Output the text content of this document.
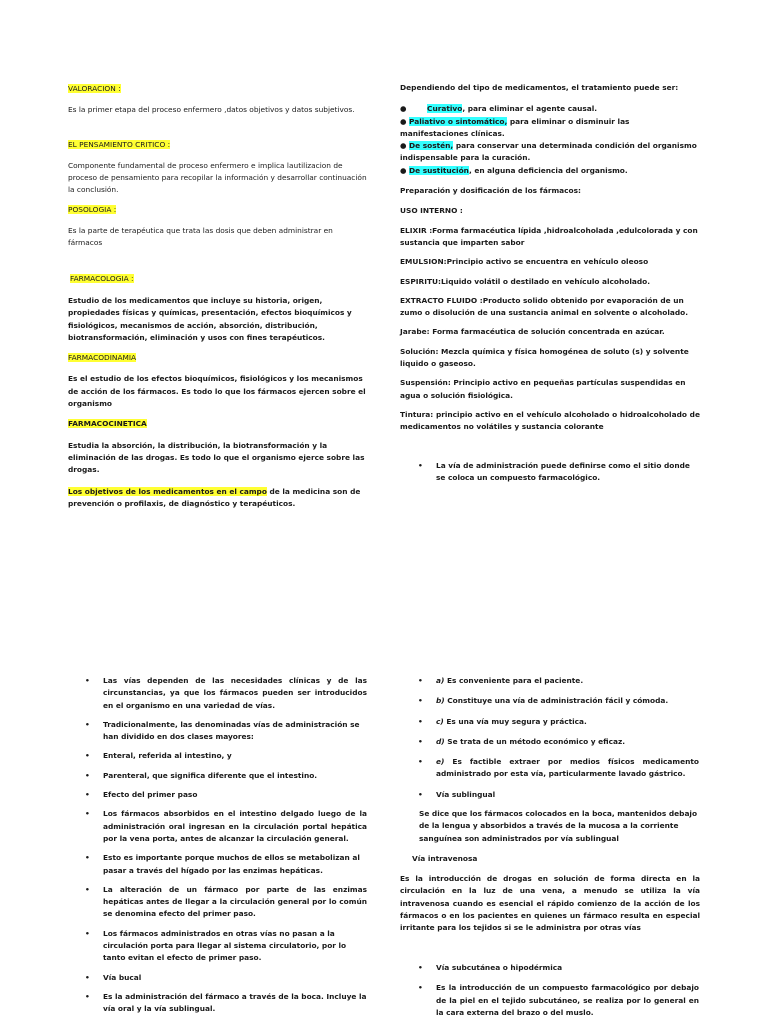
VALORACION :

Es la primer etapa del proceso enfermero ,datos objetivos y datos subjetivos.

EL PENSAMIENTO CRITICO :

Componente fundamental de proceso enfermero e implica lautilizacion de proceso de pensamiento para recopilar la información y desarrollar continuación la conclusión.

POSOLOGIA :

Es la parte de terapéutica que trata las dosis que deben administrar en fármacos

FARMACOLOGIA :

Estudio de los medicamentos que incluye su historia, origen, propiedades físicas y químicas, presentación, efectos bioquímicos y fisiológicos, mecanismos de acción, absorción, distribución, biotransformación, eliminación y usos con fines terapéuticos.

FARMACODINAMIA

Es el estudio de los efectos bioquímicos, fisiológicos y los mecanismos de acción de los fármacos. Es todo lo que los fármacos ejercen sobre el organismo

FARMACOCINETICA

Estudia la absorción, la distribución, la biotransformación y la eliminación de las drogas. Es todo lo que el organismo ejerce sobre las drogas.

Los objetivos de los medicamentos en el campo de la medicina son de prevención o profilaxis, de diagnóstico y terapéuticos.

Dependiendo del tipo de medicamentos, el tratamiento puede ser:

●        Curativo, para eliminar el agente causal.

● Paliativo o sintomático, para eliminar o disminuir las manifestaciones clínicas.

● De sostén, para conservar una determinada condición del organismo indispensable para la curación.

● De sustitución, en alguna deficiencia del organismo.

Preparación y dosificación de los fármacos:

USO INTERNO :

ELIXIR :Forma farmacéutica lípida ,hidroalcoholada ,edulcolorada y con sustancia que imparten sabor

EMULSION:Principio activo se encuentra en vehículo oleoso

ESPIRITU:Liquido volátil o destilado en vehículo alcoholado.

EXTRACTO FLUIDO :Producto solido obtenido por evaporación de un zumo o disolución de una sustancia animal en solvente o alcoholado.

Jarabe: Forma farmacéutica de solución concentrada en azúcar.

Solución: Mezcla química y física homogénea de soluto (s) y solvente liquido o gaseoso.

Suspensión: Principio activo en pequeñas partículas suspendidas en agua o solución fisiológica.

Tintura: principio activo en el vehículo alcoholado o hidroalcoholado de medicamentos no volátiles y sustancia colorante

• La vía de administración puede definirse como el sitio donde se coloca un compuesto farmacológico.
• Las vías dependen de las necesidades clínicas y de las circunstancias, ya que los fármacos pueden ser introducidos en el organismo en una variedad de vías.
• Tradicionalmente, las denominadas vías de administración se han dividido en dos clases mayores:
• Enteral, referida al intestino, y
• Parenteral, que significa diferente que el intestino.
• Efecto del primer paso
• Los fármacos absorbidos en el intestino delgado luego de la administración oral ingresan en la circulación portal hepática por la vena porta, antes de alcanzar la circulación general.
• Esto es importante porque muchos de ellos se metabolizan al pasar a través del hígado por las enzimas hepáticas.
• La alteración de un fármaco por parte de las enzimas hepáticas antes de llegar a la circulación general por lo común se denomina efecto del primer paso.
• Los fármacos administrados en otras vías no pasan a la circulación porta para llegar al sistema circulatorio, por lo tanto evitan el efecto de primer paso.
• Vía bucal
• Es la administración del fármaco a través de la boca. Incluye la vía oral y la vía sublingual.
• a) Es conveniente para el paciente.
• b) Constituye una vía de administración fácil y cómoda.
• c) Es una vía muy segura y práctica.
• d) Se trata de un método económico y eficaz.
• e) Es factible extraer por medios físicos medicamento administrado por esta vía, particularmente lavado gástrico.
• Vía sublingual

Se dice que los fármacos colocados en la boca, mantenidos debajo de la lengua y absorbidos a través de la mucosa a la corriente sanguínea son administrados por vía sublingual

Vía intravenosa

Es la introducción de drogas en solución de forma directa en la circulación en la luz de una vena, a menudo se utiliza la vía intravenosa cuando es esencial el rápido comienzo de la acción de los fármacos o en los pacientes en quienes un fármaco resulta en especial irritante para los tejidos si se le administra por otras vías

• Vía subcutánea o hipodérmica
• Es la introducción de un compuesto farmacológico por debajo de la piel en el tejido subcutáneo, se realiza por lo general en la cara externa del brazo o del muslo.
